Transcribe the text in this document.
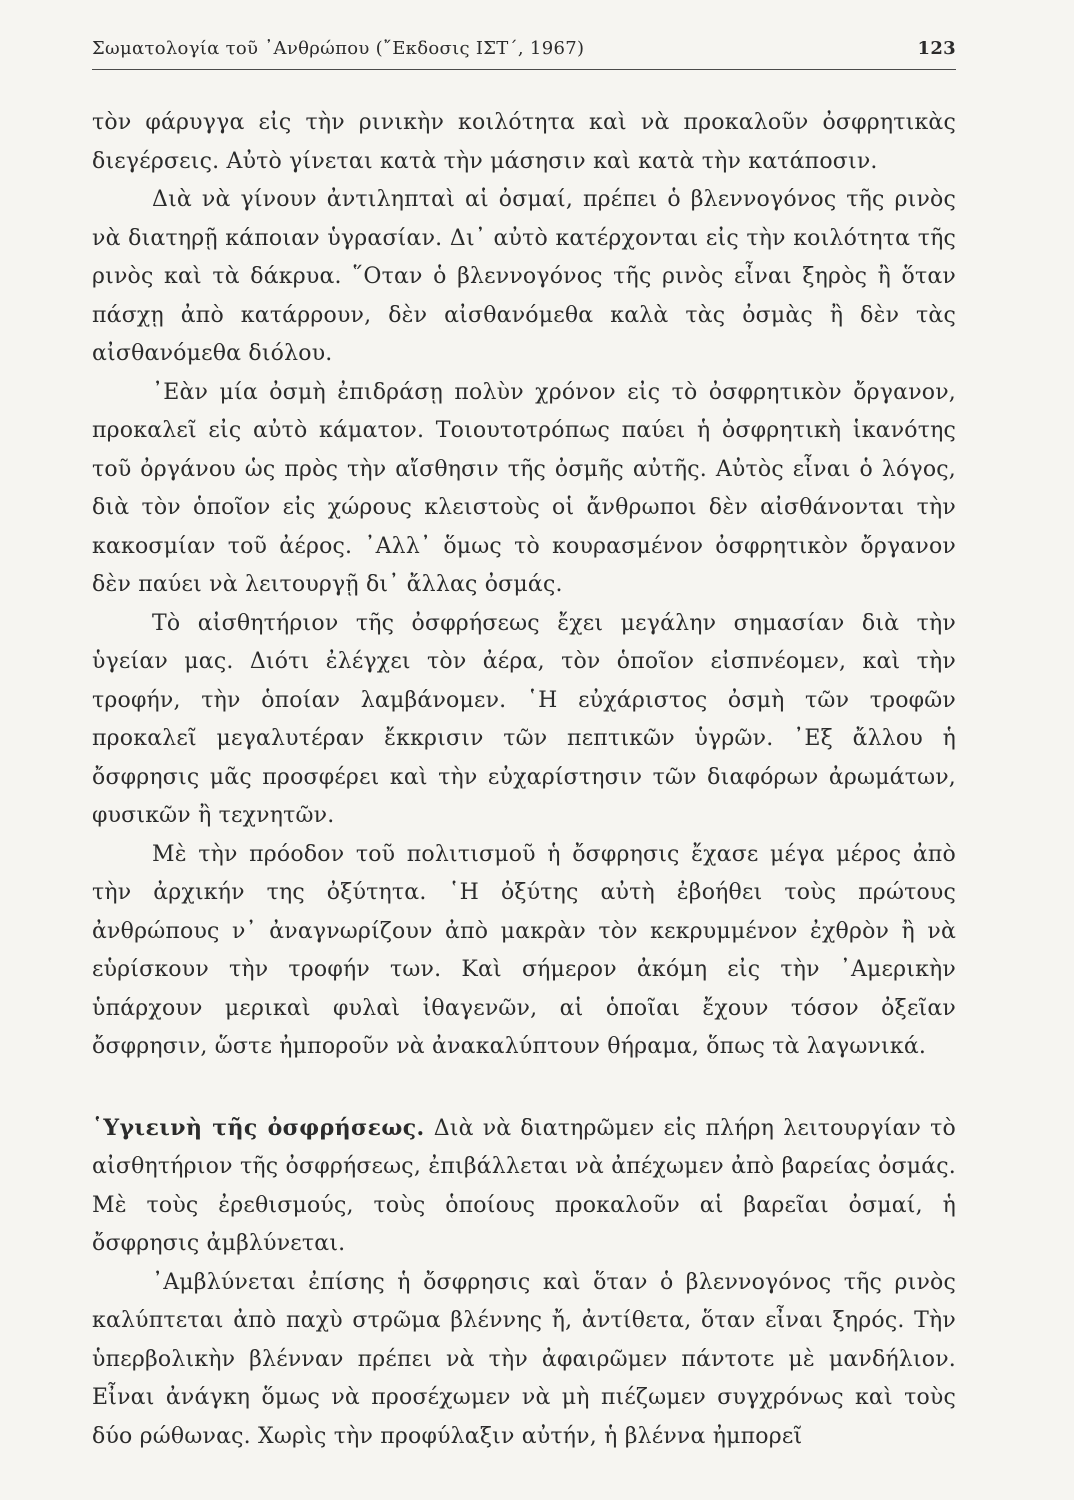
Σωματολογία τοῦ ᾿Ανθρώπου (῎Εκδοσις ΙΣΤ΄, 1967)	123

τὸν φάρυγγα εἰς τὴν ρινικὴν κοιλότητα καὶ νὰ προκαλοῦν ὀσφρητικὰς διεγέρσεις. Αὐτὸ γίνεται κατὰ τὴν μάσησιν καὶ κατὰ τὴν κατάποσιν.

Διὰ νὰ γίνουν ἀντιληπταὶ αἱ ὀσμαί, πρέπει ὁ βλεννογόνος τῆς ρινὸς νὰ διατηρῇ κάποιαν ὑγρασίαν. Δι᾿ αὐτὸ κατέρχονται εἰς τὴν κοιλότητα τῆς ρινὸς καὶ τὰ δάκρυα. ῞Οταν ὁ βλεννογόνος τῆς ρινὸς εἶναι ξηρὸς ἢ ὅταν πάσχῃ ἀπὸ κατάρρουν, δὲν αἰσθανόμεθα καλὰ τὰς ὀσμὰς ἢ δὲν τὰς αἰσθανόμεθα διόλου.

᾿Εὰν μία ὀσμὴ ἐπιδράσῃ πολὺν χρόνον εἰς τὸ ὀσφρητικὸν ὄργανον, προκαλεῖ εἰς αὐτὸ κάματον. Τοιουτοτρόπως παύει ἡ ὀσφρητικὴ ἱκανότης τοῦ ὀργάνου ὡς πρὸς τὴν αἴσθησιν τῆς ὀσμῆς αὐτῆς. Αὐτὸς εἶναι ὁ λόγος, διὰ τὸν ὁποῖον εἰς χώρους κλειστοὺς οἱ ἄνθρωποι δὲν αἰσθάνονται τὴν κακοσμίαν τοῦ ἀέρος. ᾿Αλλ᾿ ὅμως τὸ κουρασμένον ὀσφρητικὸν ὄργανον δὲν παύει νὰ λειτουργῇ δι᾿ ἄλλας ὀσμάς.

Τὸ αἰσθητήριον τῆς ὀσφρήσεως ἔχει μεγάλην σημασίαν διὰ τὴν ὑγείαν μας. Διότι ἐλέγχει τὸν ἀέρα, τὸν ὁποῖον εἰσπνέομεν, καὶ τὴν τροφήν, τὴν ὁποίαν λαμβάνομεν. ῾Η εὐχάριστος ὀσμὴ τῶν τροφῶν προκαλεῖ μεγαλυτέραν ἔκκρισιν τῶν πεπτικῶν ὑγρῶν. ᾿Εξ ἄλλου ἡ ὄσφρησις μᾶς προσφέρει καὶ τὴν εὐχαρίστησιν τῶν διαφόρων ἀρωμάτων, φυσικῶν ἢ τεχνητῶν.

Μὲ τὴν πρόοδον τοῦ πολιτισμοῦ ἡ ὄσφρησις ἔχασε μέγα μέρος ἀπὸ τὴν ἀρχικήν της ὀξύτητα. ῾Η ὀξύτης αὐτὴ ἐβοήθει τοὺς πρώτους ἀνθρώπους ν᾿ ἀναγνωρίζουν ἀπὸ μακρὰν τὸν κεκρυμμένον ἐχθρὸν ἢ νὰ εὑρίσκουν τὴν τροφήν των. Καὶ σήμερον ἀκόμη εἰς τὴν ᾿Αμερικὴν ὑπάρχουν μερικαὶ φυλαὶ ἰθαγενῶν, αἱ ὁποῖαι ἔχουν τόσον ὀξεῖαν ὄσφρησιν, ὥστε ἠμποροῦν νὰ ἀνακαλύπτουν θήραμα, ὅπως τὰ λαγωνικά.

῾Υγιεινὴ τῆς ὀσφρήσεως. Διὰ νὰ διατηρῶμεν εἰς πλήρη λειτουργίαν τὸ αἰσθητήριον τῆς ὀσφρήσεως, ἐπιβάλλεται νὰ ἀπέχωμεν ἀπὸ βαρείας ὀσμάς. Μὲ τοὺς ἐρεθισμούς, τοὺς ὁποίους προκαλοῦν αἱ βαρεῖαι ὀσμαί, ἡ ὄσφρησις ἀμβλύνεται.

᾿Αμβλύνεται ἐπίσης ἡ ὄσφρησις καὶ ὅταν ὁ βλεννογόνος τῆς ρινὸς καλύπτεται ἀπὸ παχὺ στρῶμα βλέννης ἤ, ἀντίθετα, ὅταν εἶναι ξηρός. Τὴν ὑπερβολικὴν βλένναν πρέπει νὰ τὴν ἀφαιρῶμεν πάντοτε μὲ μανδήλιον. Εἶναι ἀνάγκη ὅμως νὰ προσέχωμεν νὰ μὴ πιέζωμεν συγχρόνως καὶ τοὺς δύο ρώθωνας. Χωρὶς τὴν προφύλαξιν αὐτήν, ἡ βλέννα ἠμπορεῖ
